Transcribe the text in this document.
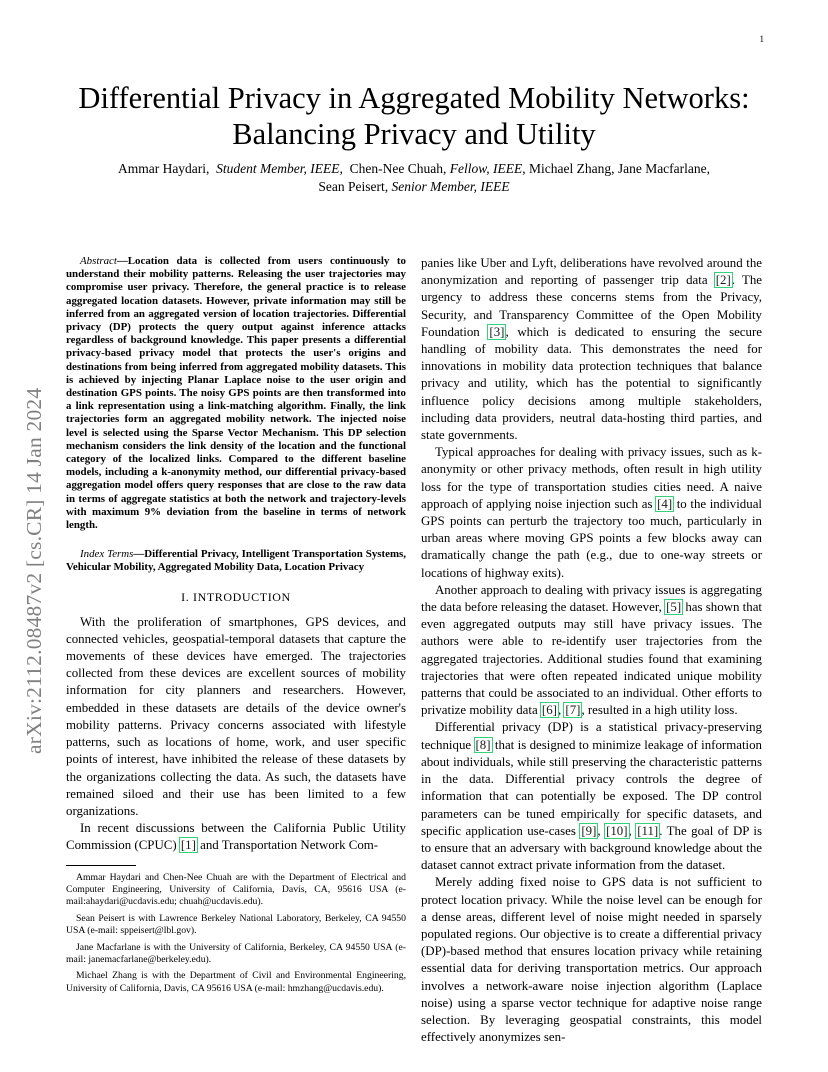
1
arXiv:2112.08487v2 [cs.CR] 14 Jan 2024
Differential Privacy in Aggregated Mobility Networks: Balancing Privacy and Utility
Ammar Haydari, Student Member, IEEE, Chen-Nee Chuah, Fellow, IEEE, Michael Zhang, Jane Macfarlane,
Sean Peisert, Senior Member, IEEE

Abstract—Location data is collected from users continuously to understand their mobility patterns. Releasing the user trajectories may compromise user privacy. Therefore, the general practice is to release aggregated location datasets. However, private information may still be inferred from an aggregated version of location trajectories. Differential privacy (DP) protects the query output against inference attacks regardless of background knowledge. This paper presents a differential privacy-based privacy model that protects the user's origins and destinations from being inferred from aggregated mobility datasets. This is achieved by injecting Planar Laplace noise to the user origin and destination GPS points. The noisy GPS points are then transformed into a link representation using a link-matching algorithm. Finally, the link trajectories form an aggregated mobility network. The injected noise level is selected using the Sparse Vector Mechanism. This DP selection mechanism considers the link density of the location and the functional category of the localized links. Compared to the different baseline models, including a k-anonymity method, our differential privacy-based aggregation model offers query responses that are close to the raw data in terms of aggregate statistics at both the network and trajectory-levels with maximum 9% deviation from the baseline in terms of network length.

Index Terms—Differential Privacy, Intelligent Transportation Systems, Vehicular Mobility, Aggregated Mobility Data, Location Privacy

I. INTRODUCTION

With the proliferation of smartphones, GPS devices, and connected vehicles, geospatial-temporal datasets that capture the movements of these devices have emerged. The trajectories collected from these devices are excellent sources of mobility information for city planners and researchers. However, embedded in these datasets are details of the device owner's mobility patterns. Privacy concerns associated with lifestyle patterns, such as locations of home, work, and user specific points of interest, have inhibited the release of these datasets by the organizations collecting the data. As such, the datasets have remained siloed and their use has been limited to a few organizations.

In recent discussions between the California Public Utility Commission (CPUC) [1] and Transportation Network Com-

Ammar Haydari and Chen-Nee Chuah are with the Department of Electrical and Computer Engineering, University of California, Davis, CA, 95616 USA (e-mail:ahaydari@ucdavis.edu; chuah@ucdavis.edu).

Sean Peisert is with Lawrence Berkeley National Laboratory, Berkeley, CA 94550 USA (e-mail: sppeisert@lbl.gov).

Jane Macfarlane is with the University of California, Berkeley, CA 94550 USA (e-mail: janemacfarlane@berkeley.edu).

Michael Zhang is with the Department of Civil and Environmental Engineering, University of California, Davis, CA 95616 USA (e-mail: hmzhang@ucdavis.edu).

panies like Uber and Lyft, deliberations have revolved around the anonymization and reporting of passenger trip data [2]. The urgency to address these concerns stems from the Privacy, Security, and Transparency Committee of the Open Mobility Foundation [3], which is dedicated to ensuring the secure handling of mobility data. This demonstrates the need for innovations in mobility data protection techniques that balance privacy and utility, which has the potential to significantly influence policy decisions among multiple stakeholders, including data providers, neutral data-hosting third parties, and state governments.

Typical approaches for dealing with privacy issues, such as k-anonymity or other privacy methods, often result in high utility loss for the type of transportation studies cities need. A naive approach of applying noise injection such as [4] to the individual GPS points can perturb the trajectory too much, particularly in urban areas where moving GPS points a few blocks away can dramatically change the path (e.g., due to one-way streets or locations of highway exits).

Another approach to dealing with privacy issues is aggregating the data before releasing the dataset. However, [5] has shown that even aggregated outputs may still have privacy issues. The authors were able to re-identify user trajectories from the aggregated trajectories. Additional studies found that examining trajectories that were often repeated indicated unique mobility patterns that could be associated to an individual. Other efforts to privatize mobility data [6], [7], resulted in a high utility loss.

Differential privacy (DP) is a statistical privacy-preserving technique [8] that is designed to minimize leakage of information about individuals, while still preserving the characteristic patterns in the data. Differential privacy controls the degree of information that can potentially be exposed. The DP control parameters can be tuned empirically for specific datasets, and specific application use-cases [9], [10], [11]. The goal of DP is to ensure that an adversary with background knowledge about the dataset cannot extract private information from the dataset.

Merely adding fixed noise to GPS data is not sufficient to protect location privacy. While the noise level can be enough for a dense areas, different level of noise might needed in sparsely populated regions. Our objective is to create a differential privacy (DP)-based method that ensures location privacy while retaining essential data for deriving transportation metrics. Our approach involves a network-aware noise injection algorithm (Laplace noise) using a sparse vector technique for adaptive noise range selection. By leveraging geospatial constraints, this model effectively anonymizes sen-
